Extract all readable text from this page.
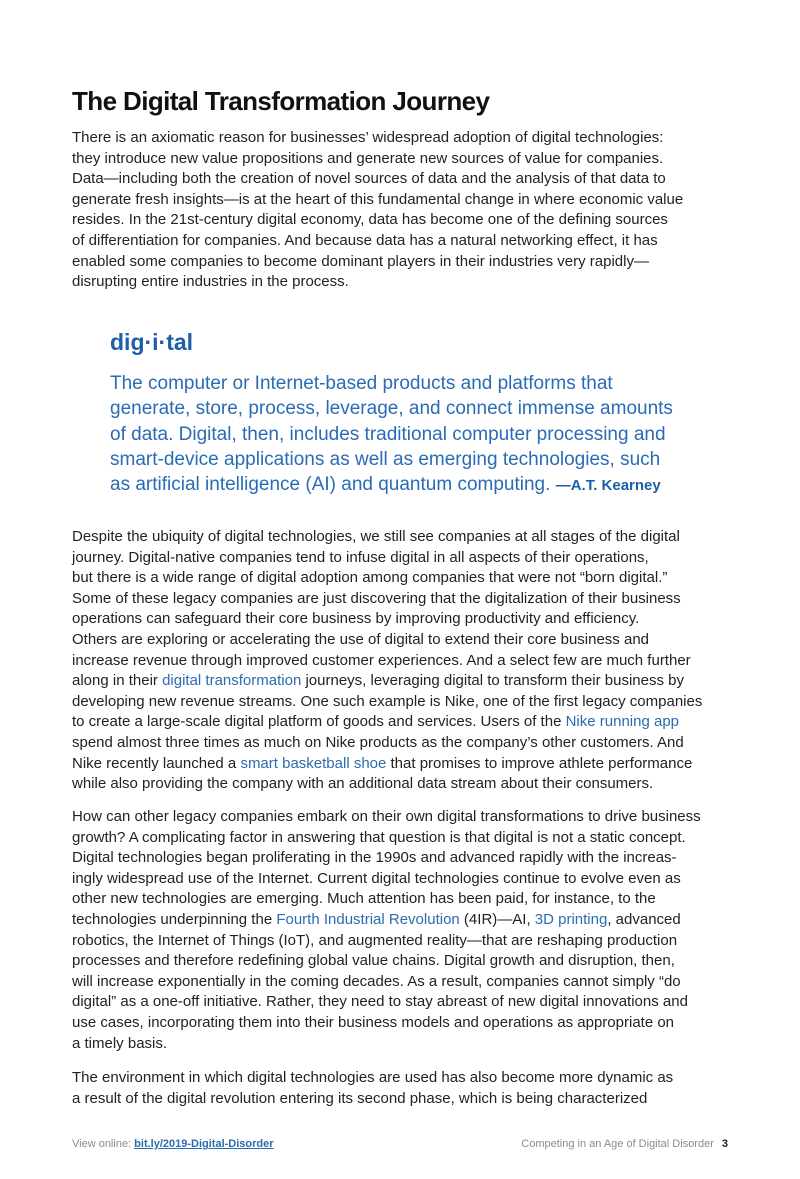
The Digital Transformation Journey
There is an axiomatic reason for businesses’ widespread adoption of digital technologies:
they introduce new value propositions and generate new sources of value for companies.
Data—including both the creation of novel sources of data and the analysis of that data to
generate fresh insights—is at the heart of this fundamental change in where economic value
resides. In the 21st-century digital economy, data has become one of the defining sources
of differentiation for companies. And because data has a natural networking effect, it has
enabled some companies to become dominant players in their industries very rapidly—
disrupting entire industries in the process.
dig·i·tal
The computer or Internet-based products and platforms that
generate, store, process, leverage, and connect immense amounts
of data. Digital, then, includes traditional computer processing and
smart-device applications as well as emerging technologies, such
as artificial intelligence (AI) and quantum computing. —A.T. Kearney
Despite the ubiquity of digital technologies, we still see companies at all stages of the digital
journey. Digital-native companies tend to infuse digital in all aspects of their operations,
but there is a wide range of digital adoption among companies that were not “born digital.”
Some of these legacy companies are just discovering that the digitalization of their business
operations can safeguard their core business by improving productivity and efficiency.
Others are exploring or accelerating the use of digital to extend their core business and
increase revenue through improved customer experiences. And a select few are much further
along in their digital transformation journeys, leveraging digital to transform their business by
developing new revenue streams. One such example is Nike, one of the first legacy companies
to create a large-scale digital platform of goods and services. Users of the Nike running app
spend almost three times as much on Nike products as the company’s other customers. And
Nike recently launched a smart basketball shoe that promises to improve athlete performance
while also providing the company with an additional data stream about their consumers.
How can other legacy companies embark on their own digital transformations to drive business
growth? A complicating factor in answering that question is that digital is not a static concept.
Digital technologies began proliferating in the 1990s and advanced rapidly with the increas-
ingly widespread use of the Internet. Current digital technologies continue to evolve even as
other new technologies are emerging. Much attention has been paid, for instance, to the
technologies underpinning the Fourth Industrial Revolution (4IR)—AI, 3D printing, advanced
robotics, the Internet of Things (IoT), and augmented reality—that are reshaping production
processes and therefore redefining global value chains. Digital growth and disruption, then,
will increase exponentially in the coming decades. As a result, companies cannot simply “do
digital” as a one-off initiative. Rather, they need to stay abreast of new digital innovations and
use cases, incorporating them into their business models and operations as appropriate on
a timely basis.
The environment in which digital technologies are used has also become more dynamic as
a result of the digital revolution entering its second phase, which is being characterized
View online: bit.ly/2019-Digital-Disorder	Competing in an Age of Digital Disorder 3
